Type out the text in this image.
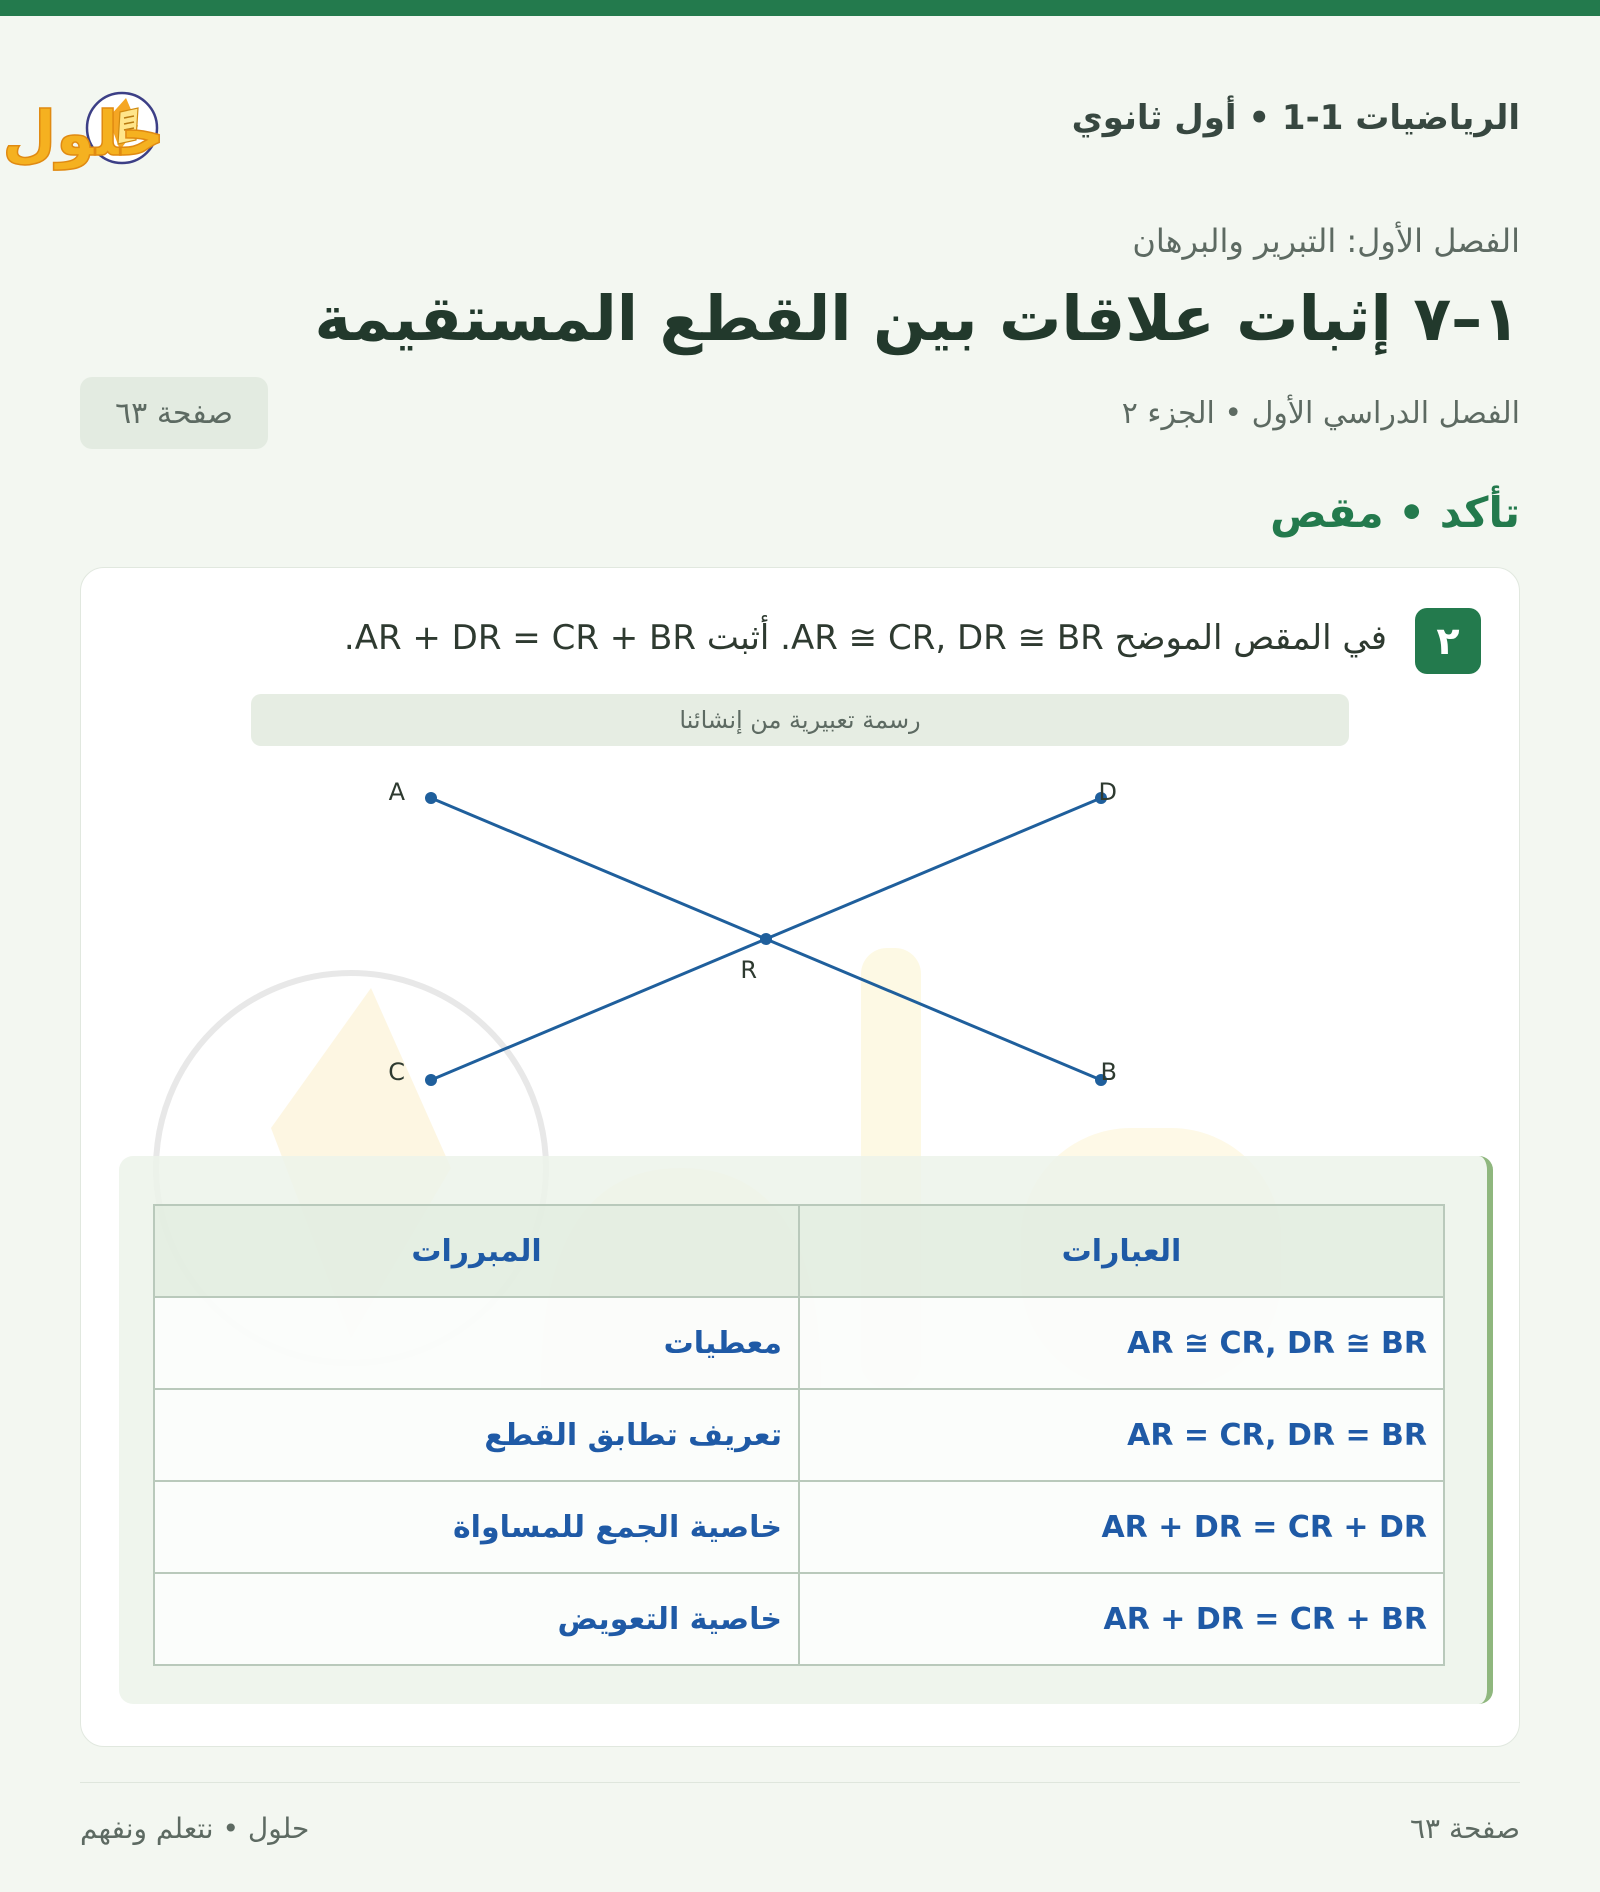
الرياضيات 1-1 • أول ثانوي
حلول
الفصل الأول: التبرير والبرهان
١–٧ إثبات علاقات بين القطع المستقيمة
الفصل الدراسي الأول • الجزء ٢
صفحة ٦٣
تأكد • مقص
٢
في المقص الموضح AR ≅ CR, DR ≅ BR. أثبت AR + DR = CR + BR.
رسمة تعبيرية من إنشائنا
A	D
R
C	B
العبارات	المبررات
AR ≅ CR, DR ≅ BR	معطيات
AR = CR, DR = BR	تعريف تطابق القطع
AR + DR = CR + DR	خاصية الجمع للمساواة
AR + DR = CR + BR	خاصية التعويض
صفحة ٦٣
حلول • نتعلم ونفهم
